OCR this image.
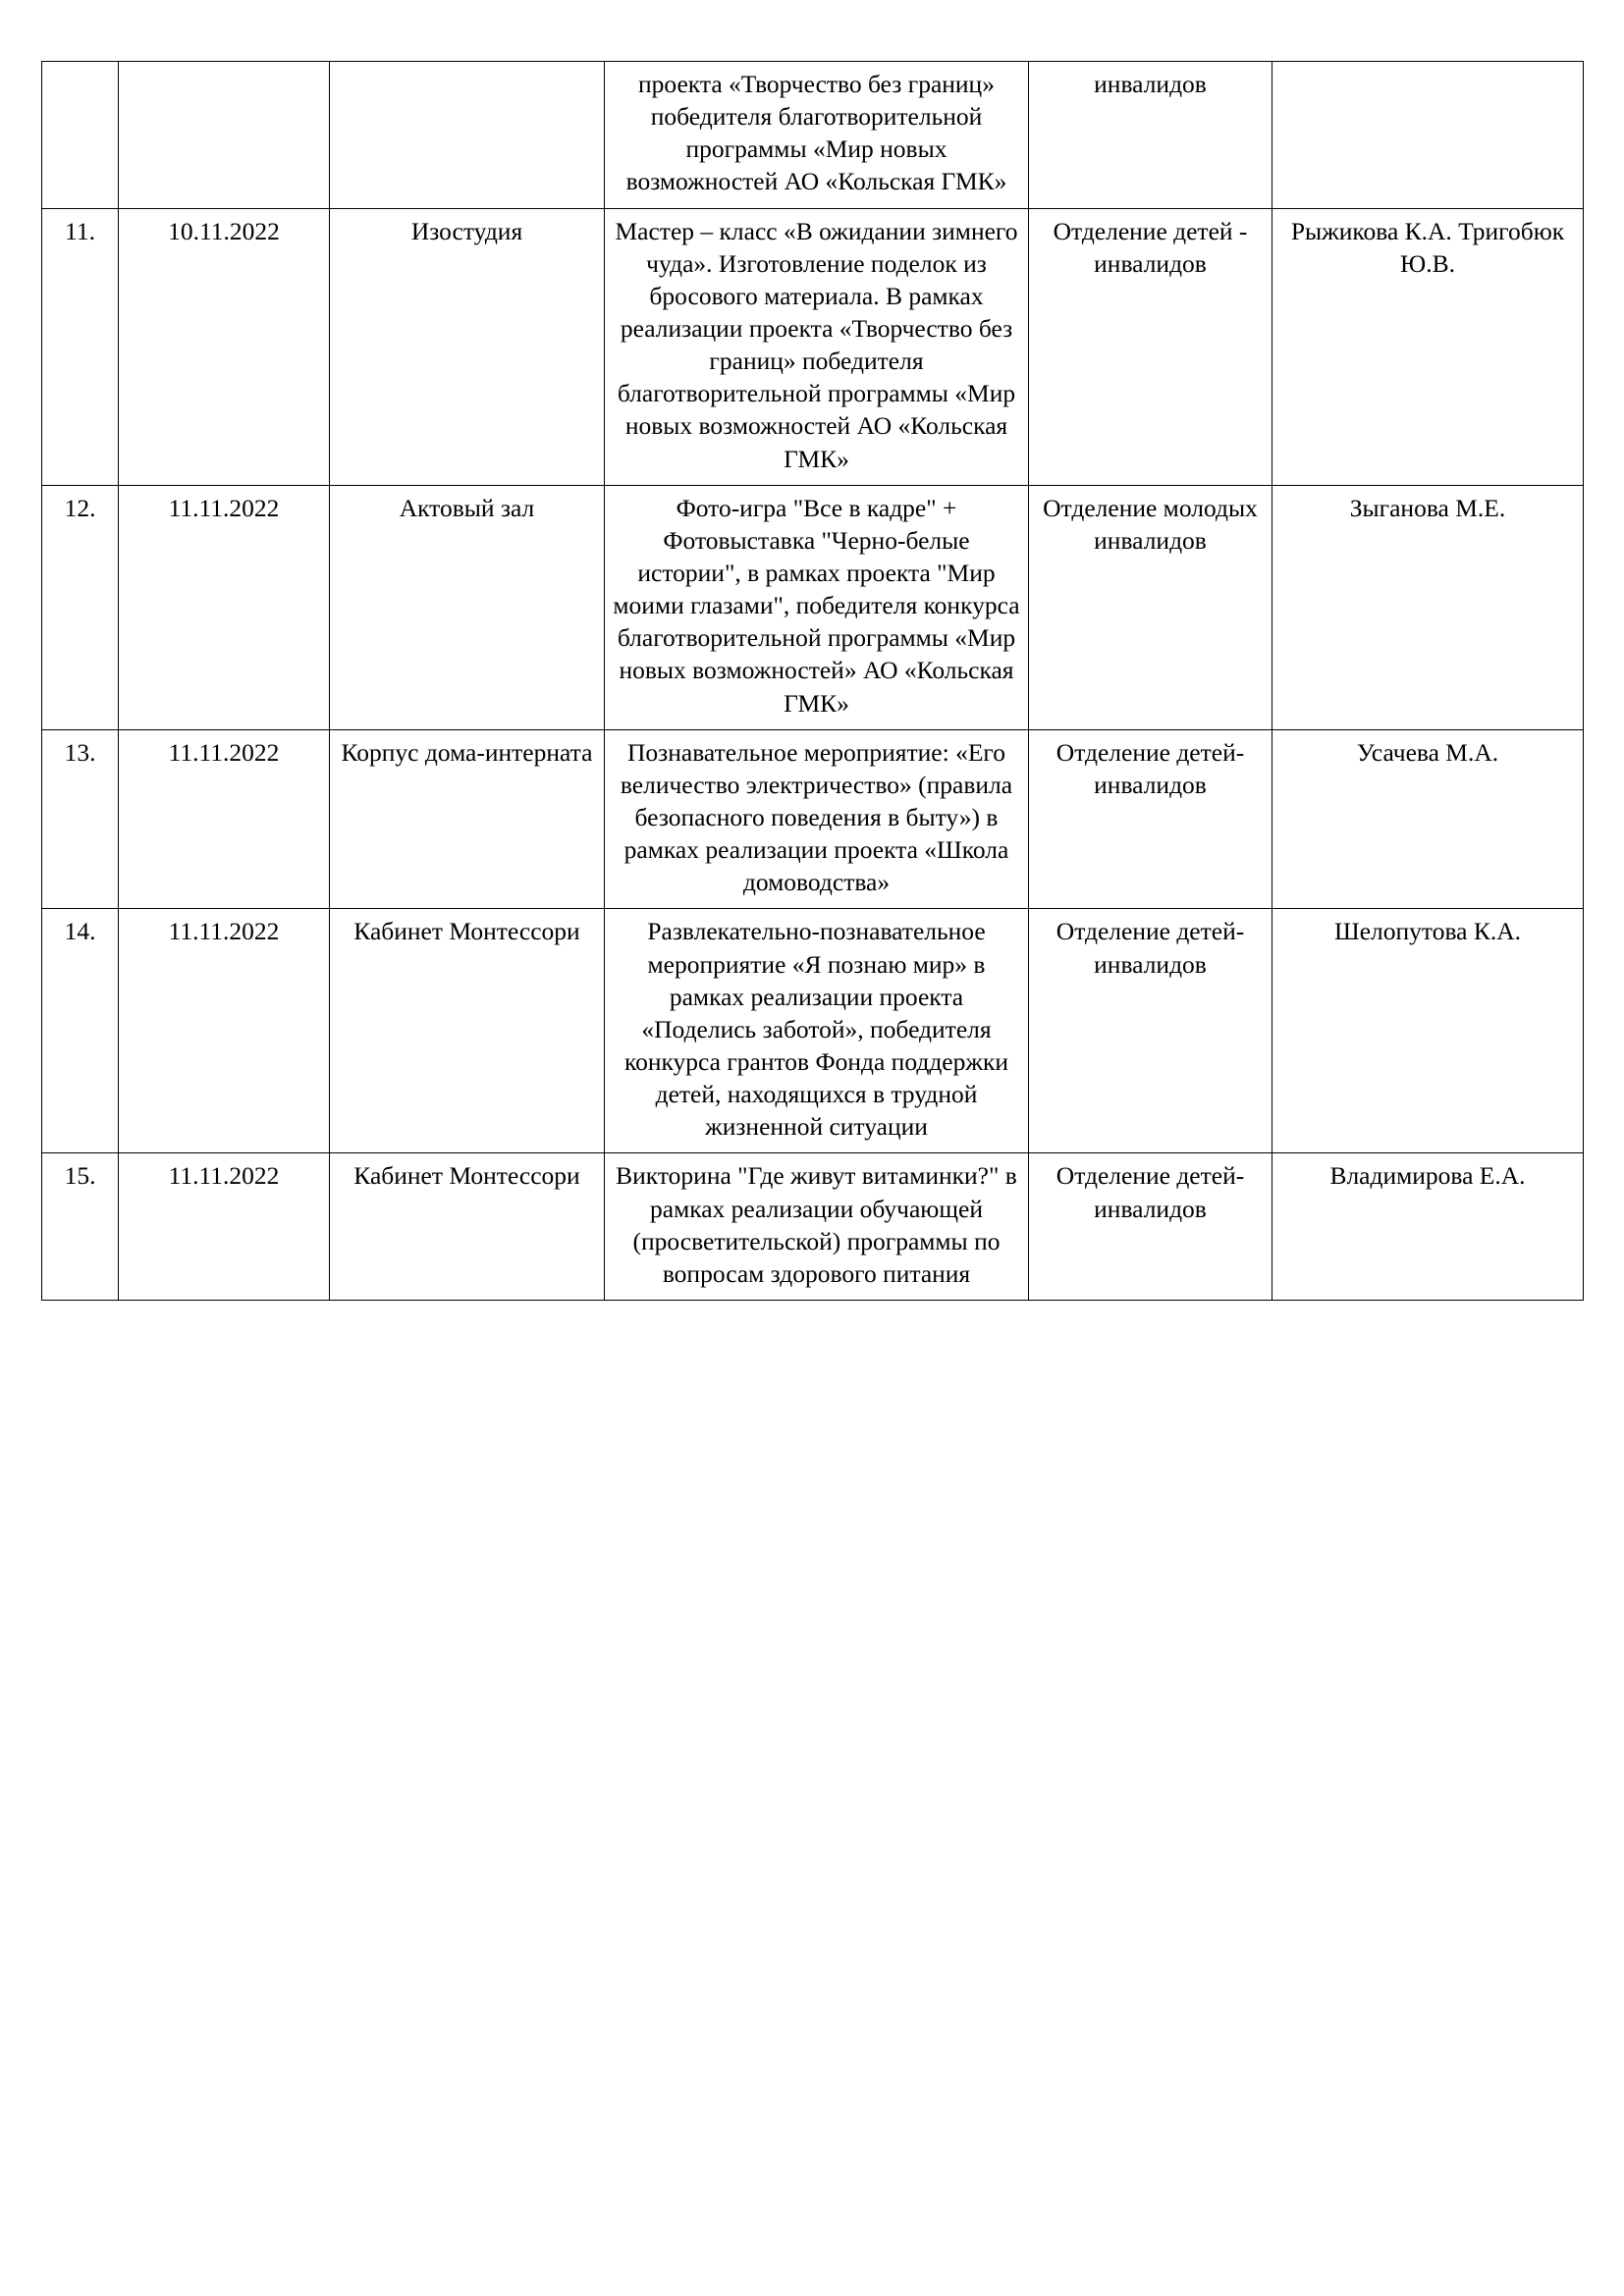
			проекта «Творчество без границ» победителя благотворительной программы «Мир новых возможностей АО «Кольская ГМК»	инвалидов	
11.	10.11.2022	Изостудия	Мастер – класс «В ожидании зимнего чуда». Изготовление поделок из бросового материала. В рамках реализации проекта «Творчество без границ» победителя благотворительной программы «Мир новых возможностей АО «Кольская ГМК»	Отделение детей - инвалидов	Рыжикова К.А. Тригобюк Ю.В.
12.	11.11.2022	Актовый зал	Фото-игра "Все в кадре" + Фотовыставка "Черно-белые истории", в рамках проекта "Мир моими глазами", победителя конкурса благотворительной программы «Мир новых возможностей» АО «Кольская ГМК»	Отделение молодых инвалидов	Зыганова М.Е.
13.	11.11.2022	Корпус дома-интерната	Познавательное мероприятие: «Его величество электричество» (правила безопасного поведения в быту») в рамках реализации проекта «Школа домоводства»	Отделение детей-инвалидов	Усачева М.А.
14.	11.11.2022	Кабинет Монтессори	Развлекательно-познавательное мероприятие «Я познаю мир» в рамках реализации проекта «Поделись заботой», победителя конкурса грантов Фонда поддержки детей, находящихся в трудной жизненной ситуации	Отделение детей-инвалидов	Шелопутова К.А.
15.	11.11.2022	Кабинет Монтессори	Викторина "Где живут витаминки?" в рамках реализации обучающей (просветительской) программы по вопросам здорового питания	Отделение детей-инвалидов	Владимирова Е.А.
